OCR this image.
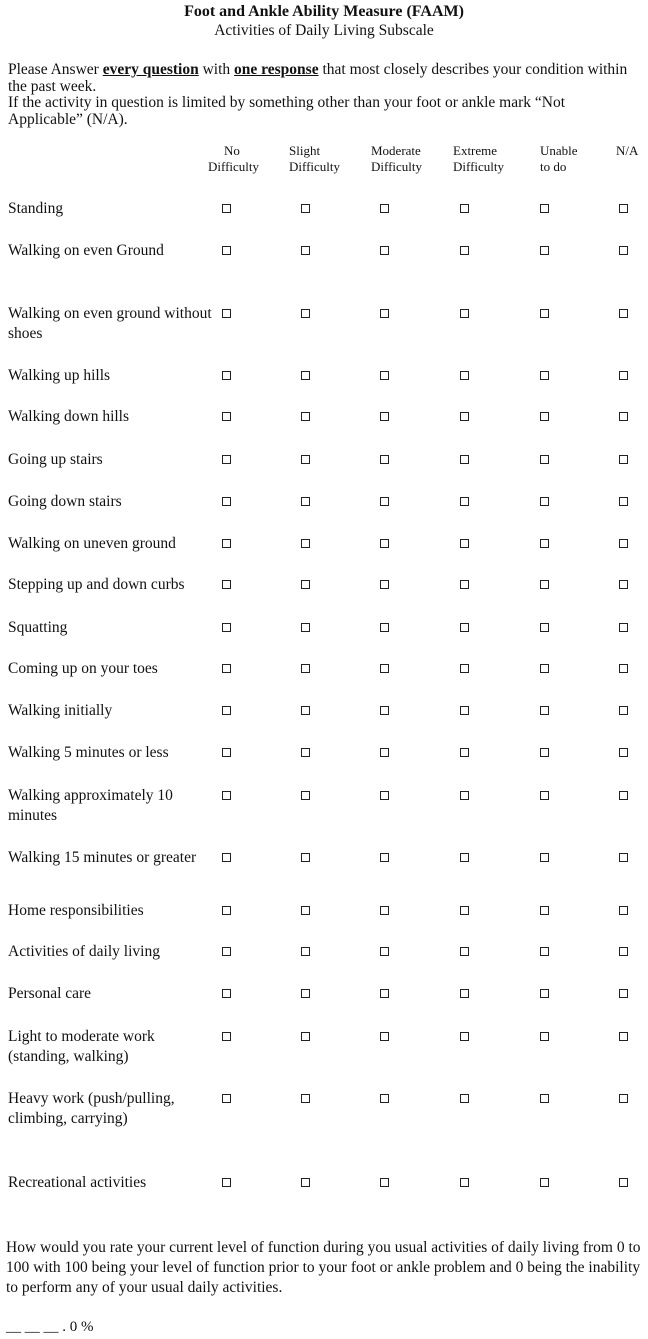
Foot and Ankle Ability Measure (FAAM)
Activities of Daily Living Subscale
Please Answer every question with one response that most closely describes your condition within the past week.
If the activity in question is limited by something other than your foot or ankle mark “Not Applicable” (N/A).
No
Difficulty
Slight
Difficulty
Moderate
Difficulty
Extreme
Difficulty
Unable
to do
N/A
Standing
Walking on even Ground
Walking on even ground without shoes
Walking up hills
Walking down hills
Going up stairs
Going down stairs
Walking on uneven ground
Stepping up and down curbs
Squatting
Coming up on your toes
Walking initially
Walking 5 minutes or less
Walking approximately 10 minutes
Walking 15 minutes or greater
Home responsibilities
Activities of daily living
Personal care
Light to moderate work (standing, walking)
Heavy work (push/pulling, climbing, carrying)
Recreational activities
How would you rate your current level of function during you usual activities of daily living from 0 to 100 with 100 being your level of function prior to your foot or ankle problem and 0 being the inability to perform any of your usual daily activities.
__ __ __ . 0 %
